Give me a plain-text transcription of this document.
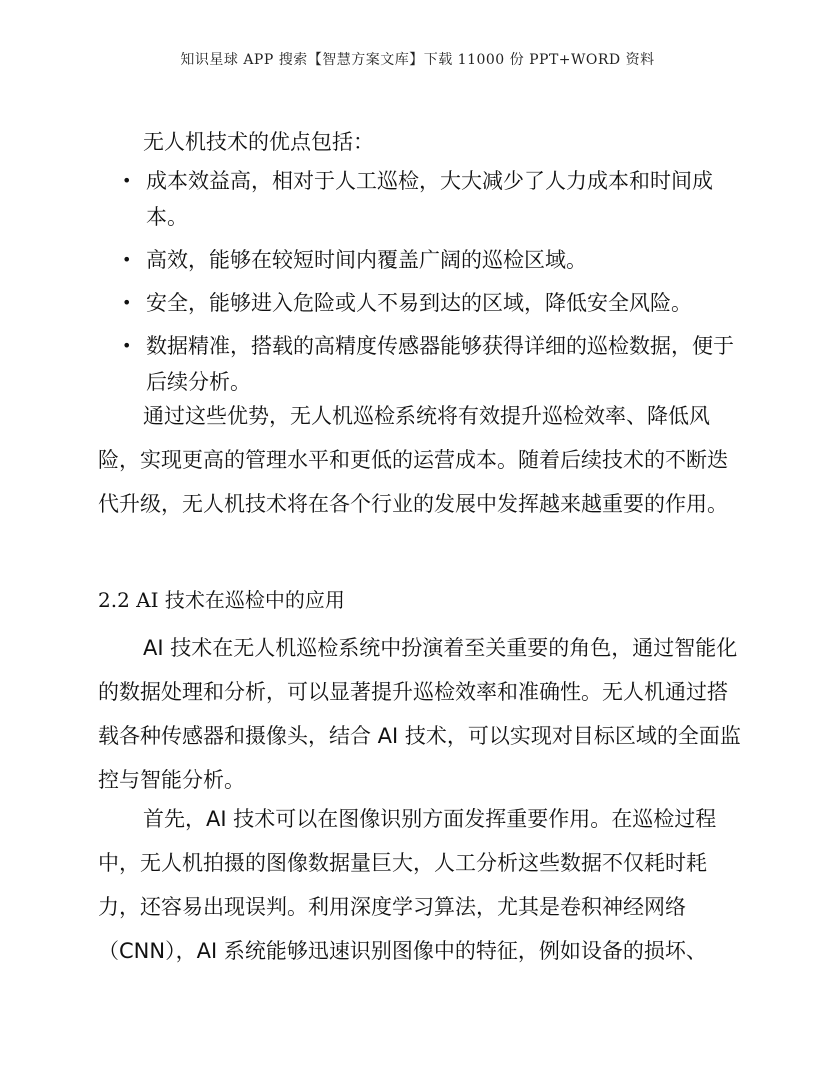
知识星球 APP 搜索【智慧方案文库】下载 11000 份 PPT+WORD 资料
无人机技术的优点包括：
• 成本效益高，相对于人工巡检，大大减少了人力成本和时间成本。
• 高效，能够在较短时间内覆盖广阔的巡检区域。
• 安全，能够进入危险或人不易到达的区域，降低安全风险。
• 数据精准，搭载的高精度传感器能够获得详细的巡检数据，便于后续分析。
通过这些优势，无人机巡检系统将有效提升巡检效率、降低风险，实现更高的管理水平和更低的运营成本。随着后续技术的不断迭代升级，无人机技术将在各个行业的发展中发挥越来越重要的作用。
2.2 AI 技术在巡检中的应用
AI 技术在无人机巡检系统中扮演着至关重要的角色，通过智能化的数据处理和分析，可以显著提升巡检效率和准确性。无人机通过搭载各种传感器和摄像头，结合 AI 技术，可以实现对目标区域的全面监控与智能分析。
首先，AI 技术可以在图像识别方面发挥重要作用。在巡检过程中，无人机拍摄的图像数据量巨大，人工分析这些数据不仅耗时耗力，还容易出现误判。利用深度学习算法，尤其是卷积神经网络（CNN），AI 系统能够迅速识别图像中的特征，例如设备的损坏、
